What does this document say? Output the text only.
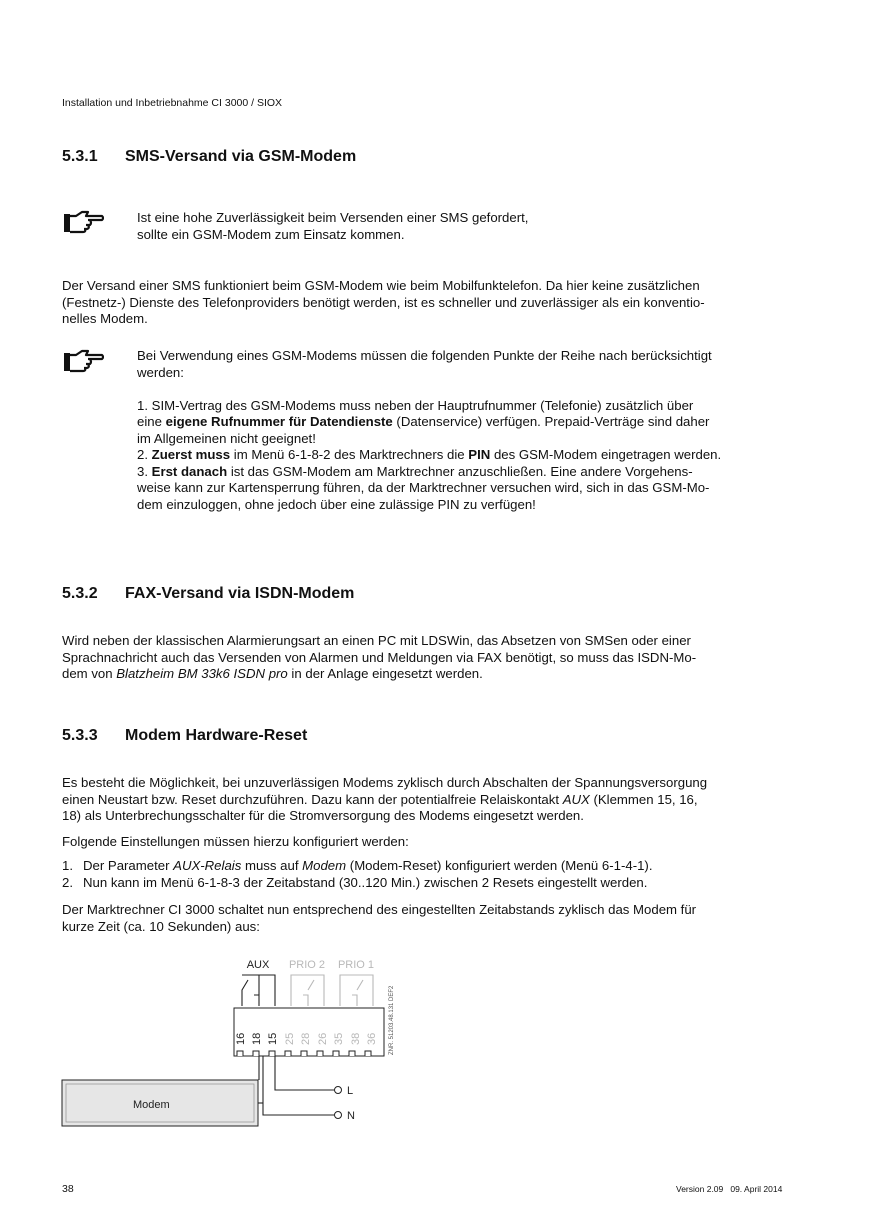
Installation und Inbetriebnahme CI 3000 / SIOX
5.3.1 SMS-Versand via GSM-Modem
Ist eine hohe Zuverlässigkeit beim Versenden einer SMS gefordert,
sollte ein GSM-Modem zum Einsatz kommen.
Der Versand einer SMS funktioniert beim GSM-Modem wie beim Mobilfunktelefon. Da hier keine zusätzlichen
(Festnetz-) Dienste des Telefonproviders benötigt werden, ist es schneller und zuverlässiger als ein konventio-
nelles Modem.
Bei Verwendung eines GSM-Modems müssen die folgenden Punkte der Reihe nach berücksichtigt
werden:
1. SIM-Vertrag des GSM-Modems muss neben der Hauptrufnummer (Telefonie) zusätzlich über
eine eigene Rufnummer für Datendienste (Datenservice) verfügen. Prepaid-Verträge sind daher
im Allgemeinen nicht geeignet!
2. Zuerst muss im Menü 6-1-8-2 des Marktrechners die PIN des GSM-Modem eingetragen werden.
3. Erst danach ist das GSM-Modem am Marktrechner anzuschließen. Eine andere Vorgehens-
weise kann zur Kartensperrung führen, da der Marktrechner versuchen wird, sich in das GSM-Mo-
dem einzuloggen, ohne jedoch über eine zulässige PIN zu verfügen!
5.3.2 FAX-Versand via ISDN-Modem
Wird neben der klassischen Alarmierungsart an einen PC mit LDSWin, das Absetzen von SMSen oder einer
Sprachnachricht auch das Versenden von Alarmen und Meldungen via FAX benötigt, so muss das ISDN-Mo-
dem von Blatzheim BM 33k6 ISDN pro in der Anlage eingesetzt werden.
5.3.3 Modem Hardware-Reset
Es besteht die Möglichkeit, bei unzuverlässigen Modems zyklisch durch Abschalten der Spannungsversorgung
einen Neustart bzw. Reset durchzuführen. Dazu kann der potentialfreie Relaiskontakt AUX (Klemmen 15, 16,
18) als Unterbrechungsschalter für die Stromversorgung des Modems eingesetzt werden.
Folgende Einstellungen müssen hierzu konfiguriert werden:
1. Der Parameter AUX-Relais muss auf Modem (Modem-Reset) konfiguriert werden (Menü 6-1-4-1).
2. Nun kann im Menü 6-1-8-3 der Zeitabstand (30..120 Min.) zwischen 2 Resets eingestellt werden.
Der Marktrechner CI 3000 schaltet nun entsprechend des eingestellten Zeitabstands zyklisch das Modem für
kurze Zeit (ca. 10 Sekunden) aus:
AUX PRIO 2 PRIO 1
16 18 15 25 28 26 35 38 36 ZNR. 51203.48.131 DEF2
L
N
Modem
38	Version 2.09   09. April 2014
